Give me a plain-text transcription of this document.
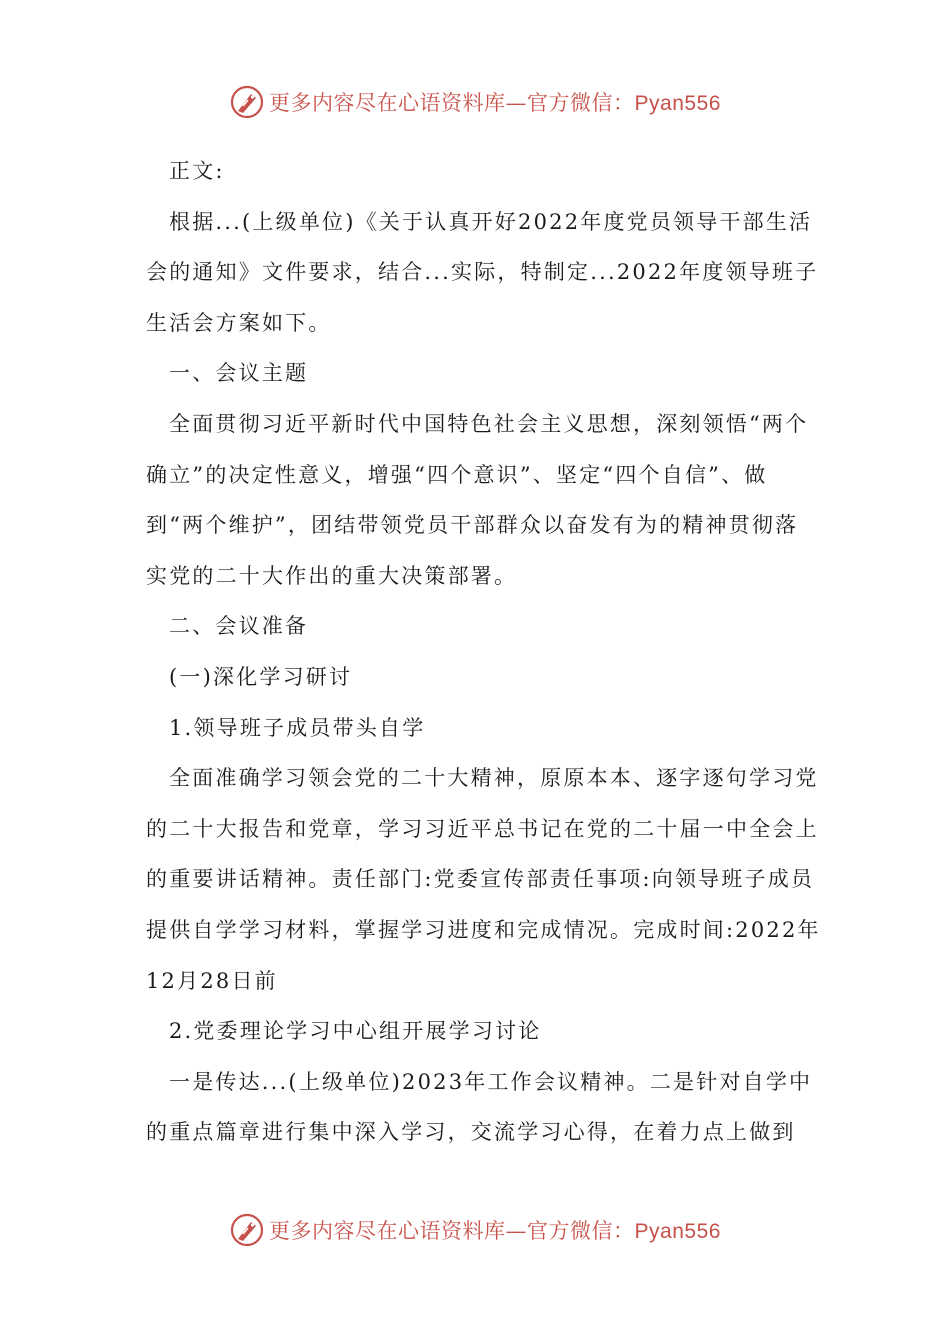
更多内容尽在心语资料库—官方微信：Pyan556
正文:
根据...(上级单位)《关于认真开好2022年度党员领导干部生活
会的通知》文件要求，结合...实际，特制定...2022年度领导班子
生活会方案如下。
一、会议主题
全面贯彻习近平新时代中国特色社会主义思想，深刻领悟“两个
确立”的决定性意义，增强“四个意识”、坚定“四个自信”、做
到“两个维护”，团结带领党员干部群众以奋发有为的精神贯彻落
实党的二十大作出的重大决策部署。
二、会议准备
(一)深化学习研讨
1.领导班子成员带头自学
全面准确学习领会党的二十大精神，原原本本、逐字逐句学习党
的二十大报告和党章，学习习近平总书记在党的二十届一中全会上
的重要讲话精神。责任部门:党委宣传部责任事项:向领导班子成员
提供自学学习材料，掌握学习进度和完成情况。完成时间:2022年
12月28日前
2.党委理论学习中心组开展学习讨论
一是传达...(上级单位)2023年工作会议精神。二是针对自学中
的重点篇章进行集中深入学习，交流学习心得，在着力点上做到
更多内容尽在心语资料库—官方微信：Pyan556
